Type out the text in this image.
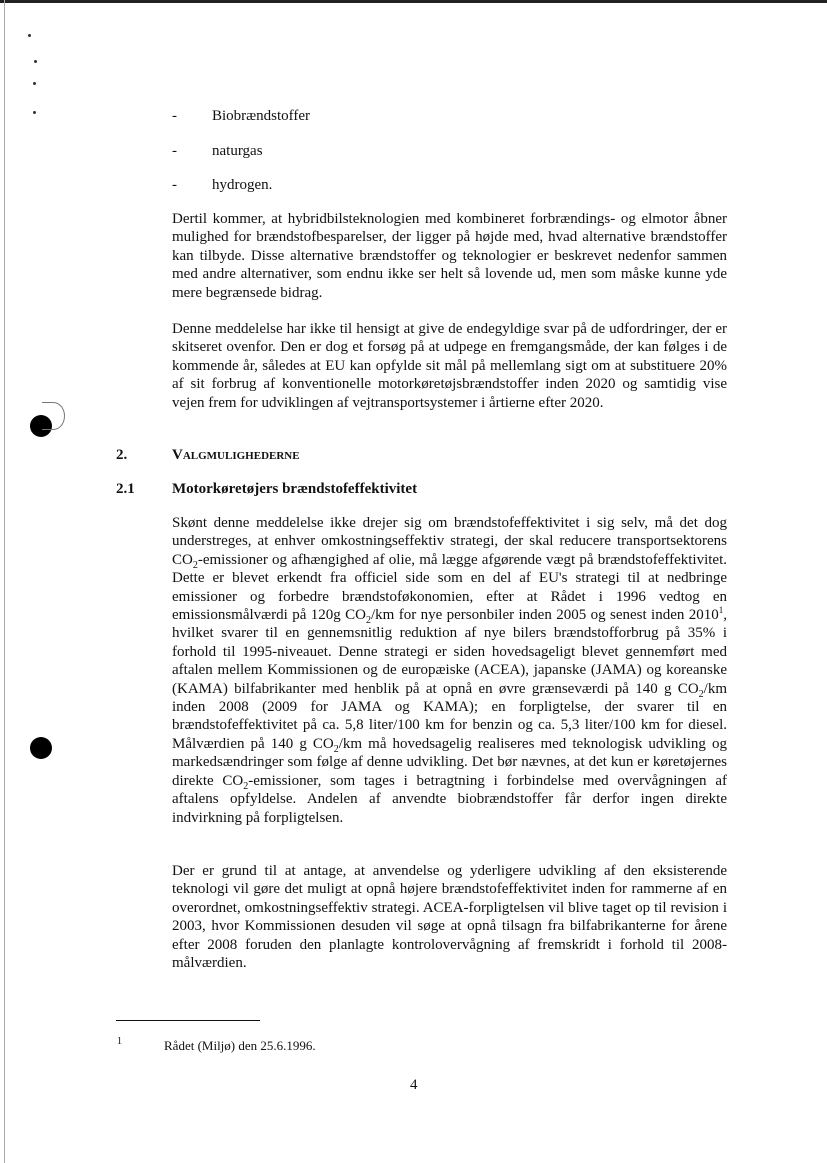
- Biobrændstoffer
- naturgas
- hydrogen.

Dertil kommer, at hybridbilsteknologien med kombineret forbrændings- og elmotor åbner mulighed for brændstofbesparelser, der ligger på højde med, hvad alternative brændstoffer kan tilbyde. Disse alternative brændstoffer og teknologier er beskrevet nedenfor sammen med andre alternativer, som endnu ikke ser helt så lovende ud, men som måske kunne yde mere begrænsede bidrag.

Denne meddelelse har ikke til hensigt at give de endegyldige svar på de udfordringer, der er skitseret ovenfor. Den er dog et forsøg på at udpege en fremgangsmåde, der kan følges i de kommende år, således at EU kan opfylde sit mål på mellemlang sigt om at substituere 20% af sit forbrug af konventionelle motorkøretøjsbrændstoffer inden 2020 og samtidig vise vejen frem for udviklingen af vejtransportsystemer i årtierne efter 2020.

2.	Valgmulighederne
2.1 Motorkøretøjers brændstofeffektivitet

Skønt denne meddelelse ikke drejer sig om brændstofeffektivitet i sig selv, må det dog understreges, at enhver omkostningseffektiv strategi, der skal reducere transportsektorens $CO_2$-emissioner og afhængighed af olie, må lægge afgørende vægt på brændstofeffektivitet. Dette er blevet erkendt fra officiel side som en del af EU's strategi til at nedbringe emissioner og forbedre brændstoføkonomien, efter at Rådet i 1996 vedtog en emissionsmålværdi på 120g $CO_2/km$ for nye personbiler inden 2005 og senest inden 2010$^1$, hvilket svarer til en gennemsnitlig reduktion af nye bilers brændstofforbrug på 35% i forhold til 1995-niveauet. Denne strategi er siden hovedsageligt blevet gennemført med aftalen mellem Kommissionen og de europæiske (ACEA), japanske (JAMA) og koreanske (KAMA) bilfabrikanter med henblik på at opnå en øvre grænseværdi på 140 g $CO_2/km$ inden 2008 (2009 for JAMA og KAMA); en forpligtelse, der svarer til en brændstofeffektivitet på ca. 5,8 liter/100 km for benzin og ca. 5,3 liter/100 km for diesel. Målværdien på 140 g $CO_2/km$ må hovedsagelig realiseres med teknologisk udvikling og markedsændringer som følge af denne udvikling. Det bør nævnes, at det kun er køretøjernes direkte $CO_2$-emissioner, som tages i betragtning i forbindelse med overvågningen af aftalens opfyldelse. Andelen af anvendte biobrændstoffer får derfor ingen direkte indvirkning på forpligtelsen.

Der er grund til at antage, at anvendelse og yderligere udvikling af den eksisterende teknologi vil gøre det muligt at opnå højere brændstofeffektivitet inden for rammerne af en overordnet, omkostningseffektiv strategi. ACEA-forpligtelsen vil blive taget op til revision i 2003, hvor Kommissionen desuden vil søge at opnå tilsagn fra bilfabrikanterne for årene efter 2008 foruden den planlagte kontrolovervågning af fremskridt i forhold til 2008-målværdien.

1	Rådet (Miljø) den 25.6.1996.
4
